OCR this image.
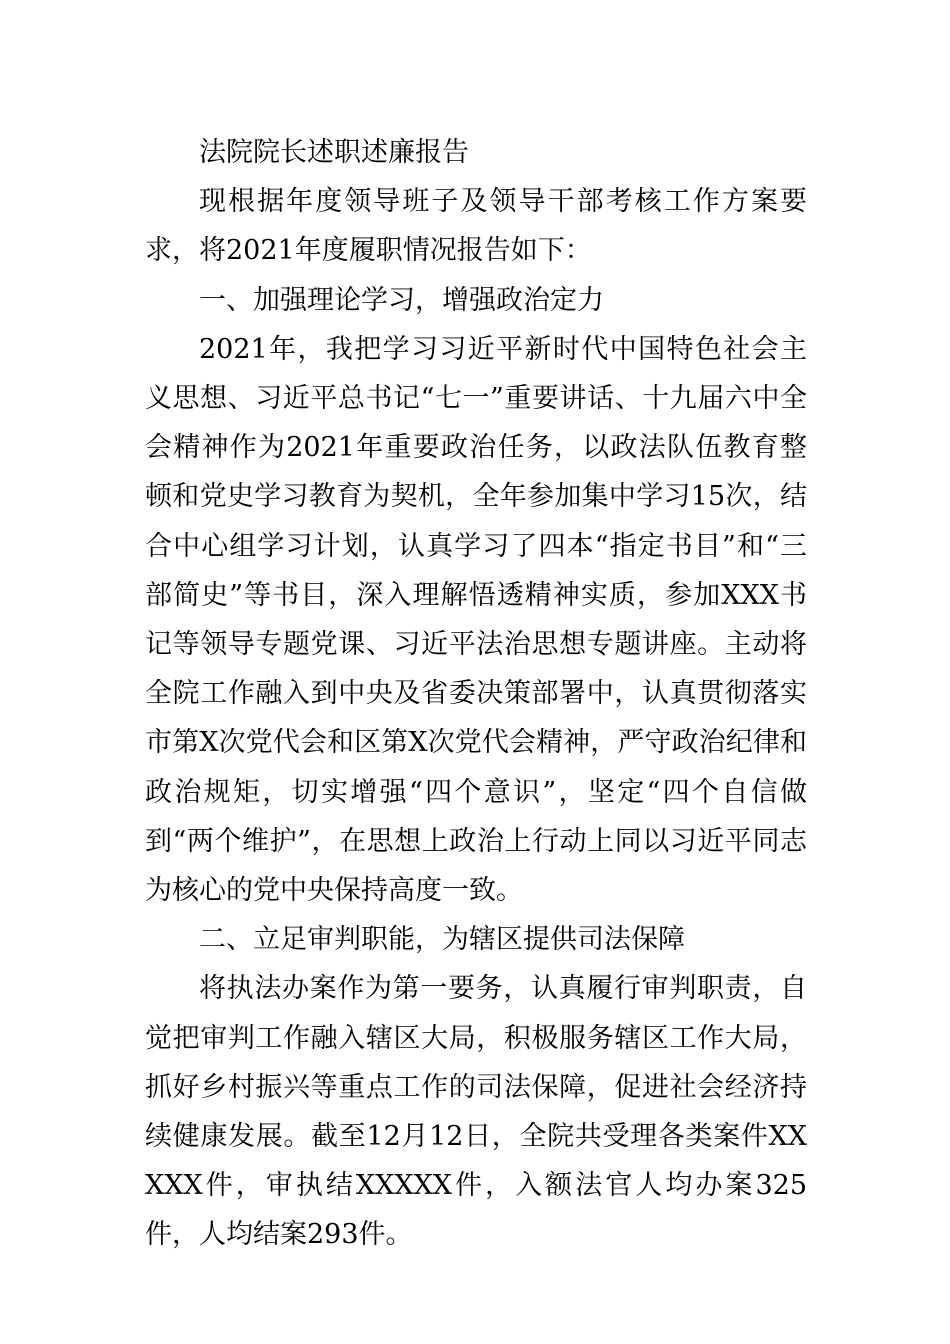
法院院长述职述廉报告

现根据年度领导班子及领导干部考核工作方案要求，将2021年度履职情况报告如下：

一、加强理论学习，增强政治定力

2021年，我把学习习近平新时代中国特色社会主义思想、习近平总书记“七一”重要讲话、十九届六中全会精神作为2021年重要政治任务，以政法队伍教育整顿和党史学习教育为契机，全年参加集中学习15次，结合中心组学习计划，认真学习了四本“指定书目”和“三部简史”等书目，深入理解悟透精神实质，参加XXX书记等领导专题党课、习近平法治思想专题讲座。主动将全院工作融入到中央及省委决策部署中，认真贯彻落实市第X次党代会和区第X次党代会精神，严守政治纪律和政治规矩，切实增强“四个意识”，坚定“四个自信做到“两个维护”，在思想上政治上行动上同以习近平同志为核心的党中央保持高度一致。

二、立足审判职能，为辖区提供司法保障

将执法办案作为第一要务，认真履行审判职责，自觉把审判工作融入辖区大局，积极服务辖区工作大局，抓好乡村振兴等重点工作的司法保障，促进社会经济持续健康发展。截至12月12日，全院共受理各类案件XXXXX件，审执结XXXXX件，入额法官人均办案325件，人均结案293件。
